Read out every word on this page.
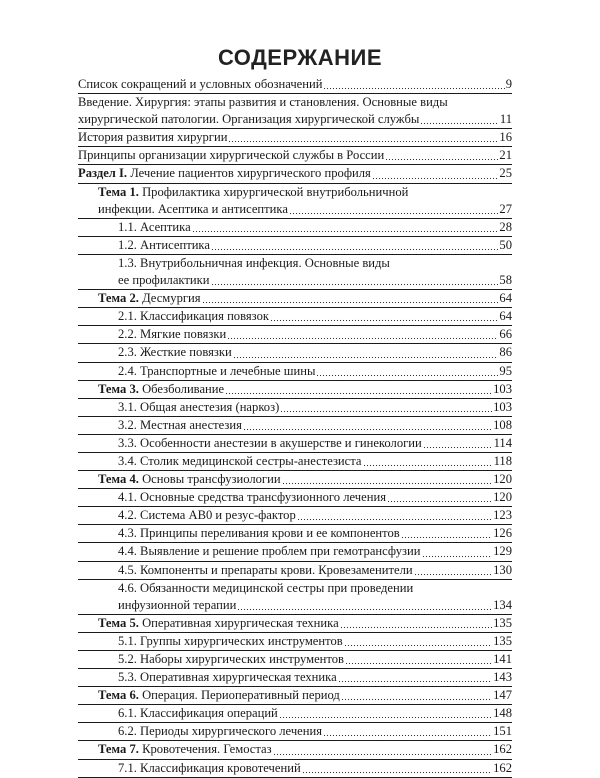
СОДЕРЖАНИЕ
Список сокращений и условных обозначений	9
Введение. Хирургия: этапы развития и становления. Основные виды
хирургической патологии. Организация хирургической службы	11
История развития хирургии	16
Принципы организации хирургической службы в России	21
Раздел I. Лечение пациентов хирургического профиля	25
Тема 1. Профилактика хирургической внутрибольничной
инфекции. Асептика и антисептика	27
1.1. Асептика	28
1.2. Антисептика	50
1.3. Внутрибольничная инфекция. Основные виды
ее профилактики	58
Тема 2. Десмургия	64
2.1. Классификация повязок	64
2.2. Мягкие повязки	66
2.3. Жесткие повязки	86
2.4. Транспортные и лечебные шины	95
Тема 3. Обезболивание	103
3.1. Общая анестезия (наркоз)	103
3.2. Местная анестезия	108
3.3. Особенности анестезии в акушерстве и гинекологии	114
3.4. Столик медицинской сестры-анестезиста	118
Тема 4. Основы трансфузиологии	120
4.1. Основные средства трансфузионного лечения	120
4.2. Система АВ0 и резус-фактор	123
4.3. Принципы переливания крови и ее компонентов	126
4.4. Выявление и решение проблем при гемотрансфузии	129
4.5. Компоненты и препараты крови. Кровезаменители	130
4.6. Обязанности медицинской сестры при проведении
инфузионной терапии	134
Тема 5. Оперативная хирургическая техника	135
5.1. Группы хирургических инструментов	135
5.2. Наборы хирургических инструментов	141
5.3. Оперативная хирургическая техника	143
Тема 6. Операция. Периоперативный период	147
6.1. Классификация операций	148
6.2. Периоды хирургического лечения	151
Тема 7. Кровотечения. Гемостаз	162
7.1. Классификация кровотечений	162
